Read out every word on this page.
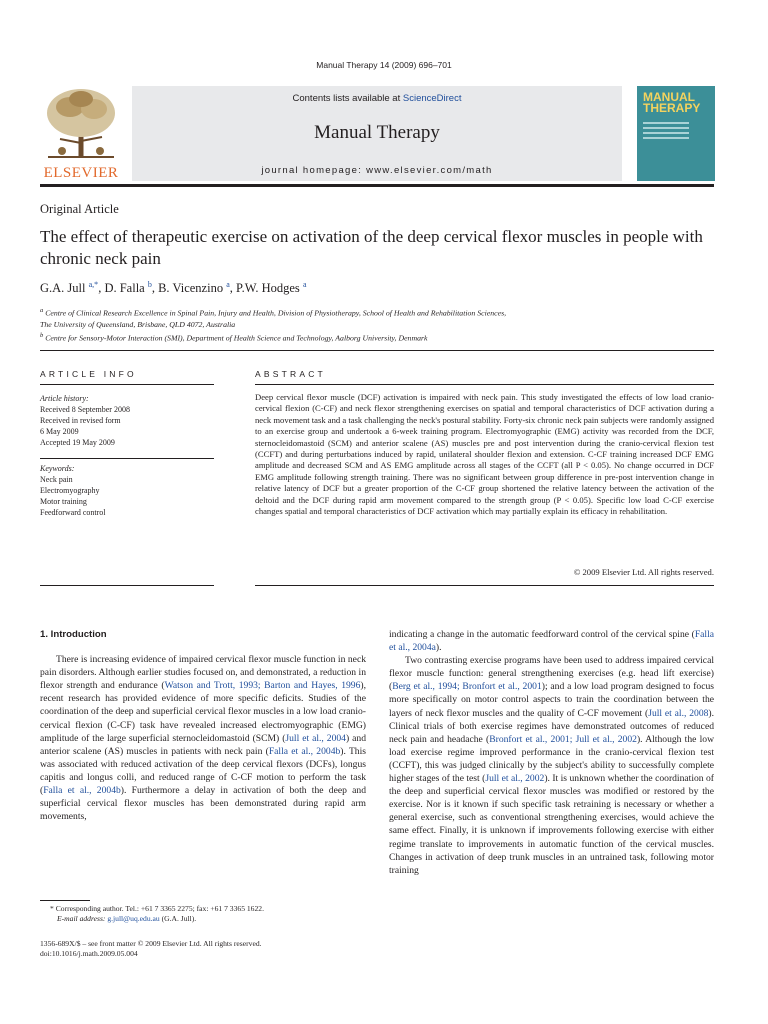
Manual Therapy 14 (2009) 696–701
ELSEVIER
Contents lists available at ScienceDirect
Manual Therapy
journal homepage: www.elsevier.com/math
MANUAL THERAPY
Original Article
The effect of therapeutic exercise on activation of the deep cervical flexor muscles in people with chronic neck pain
G.A. Jull $^{a,*}$, D. Falla $^b$, B. Vicenzino $^a$, P.W. Hodges $^a$
$^a$ Centre of Clinical Research Excellence in Spinal Pain, Injury and Health, Division of Physiotherapy, School of Health and Rehabilitation Sciences,
The University of Queensland, Brisbane, QLD 4072, Australia
$^b$ Centre for Sensory-Motor Interaction (SMI), Department of Health Science and Technology, Aalborg University, Denmark
ARTICLE INFO
Article history:
Received 8 September 2008
Received in revised form
6 May 2009
Accepted 19 May 2009
Keywords:
Neck pain
Electromyography
Motor training
Feedforward control
ABSTRACT
Deep cervical flexor muscle (DCF) activation is impaired with neck pain. This study investigated the effects of low load cranio-cervical flexion (C-CF) and neck flexor strengthening exercises on spatial and temporal characteristics of DCF activation during a neck movement task and a task challenging the neck's postural stability. Forty-six chronic neck pain subjects were randomly assigned to an exercise group and undertook a 6-week training program. Electromyographic (EMG) activity was recorded from the DCF, sternocleidomastoid (SCM) and anterior scalene (AS) muscles pre and post intervention during the cranio-cervical flexion test (CCFT) and during perturbations induced by rapid, unilateral shoulder flexion and extension. C-CF training increased DCF EMG amplitude and decreased SCM and AS EMG amplitude across all stages of the CCFT (all P < 0.05). No change occurred in DCF EMG amplitude following strength training. There was no significant between group difference in pre-post intervention change in relative latency of DCF but a greater proportion of the C-CF group shortened the relative latency between the activation of the deltoid and the DCF during rapid arm movement compared to the strength group (P < 0.05). Specific low load C-CF exercise changes spatial and temporal characteristics of DCF activation which may partially explain its efficacy in rehabilitation.
© 2009 Elsevier Ltd. All rights reserved.
1. Introduction

There is increasing evidence of impaired cervical flexor muscle function in neck pain disorders. Although earlier studies focused on, and demonstrated, a reduction in flexor strength and endurance (Watson and Trott, 1993; Barton and Hayes, 1996), recent research has provided evidence of more specific deficits. Studies of the coordination of the deep and superficial cervical flexor muscles in a low load cranio-cervical flexion (C-CF) task have revealed increased electromyographic (EMG) amplitude of the large superficial sternocleidomastoid (SCM) (Jull et al., 2004) and anterior scalene (AS) muscles in patients with neck pain (Falla et al., 2004b). This was associated with reduced activation of the deep cervical flexors (DCFs), longus capitis and longus colli, and reduced range of C-CF motion to perform the task (Falla et al., 2004b). Furthermore a delay in activation of both the deep and superficial cervical flexor muscles has been demonstrated during rapid arm movements,

indicating a change in the automatic feedforward control of the cervical spine (Falla et al., 2004a).

Two contrasting exercise programs have been used to address impaired cervical flexor muscle function: general strengthening exercises (e.g. head lift exercise) (Berg et al., 1994; Bronfort et al., 2001); and a low load program designed to focus more specifically on motor control aspects to train the coordination between the layers of neck flexor muscles and the quality of C-CF movement (Jull et al., 2008). Clinical trials of both exercise regimes have demonstrated outcomes of reduced neck pain and headache (Bronfort et al., 2001; Jull et al., 2002). Although the low load exercise regime improved performance in the cranio-cervical flexion test (CCFT), this was judged clinically by the subject's ability to successfully complete higher stages of the test (Jull et al., 2002). It is unknown whether the coordination of the deep and superficial cervical flexor muscles was modified or restored by the exercise. Nor is it known if such specific task retraining is necessary or whether a general exercise, such as conventional strengthening exercises, would achieve the same effect. Finally, it is unknown if improvements following exercise with either regime translate to improvements in automatic function of the cervical muscles. Changes in activation of deep trunk muscles in an untrained task, following motor training

* Corresponding author. Tel.: +61 7 3365 2275; fax: +61 7 3365 1622.
E-mail address: g.jull@uq.edu.au (G.A. Jull).
1356-689X/$ – see front matter © 2009 Elsevier Ltd. All rights reserved.
doi:10.1016/j.math.2009.05.004
